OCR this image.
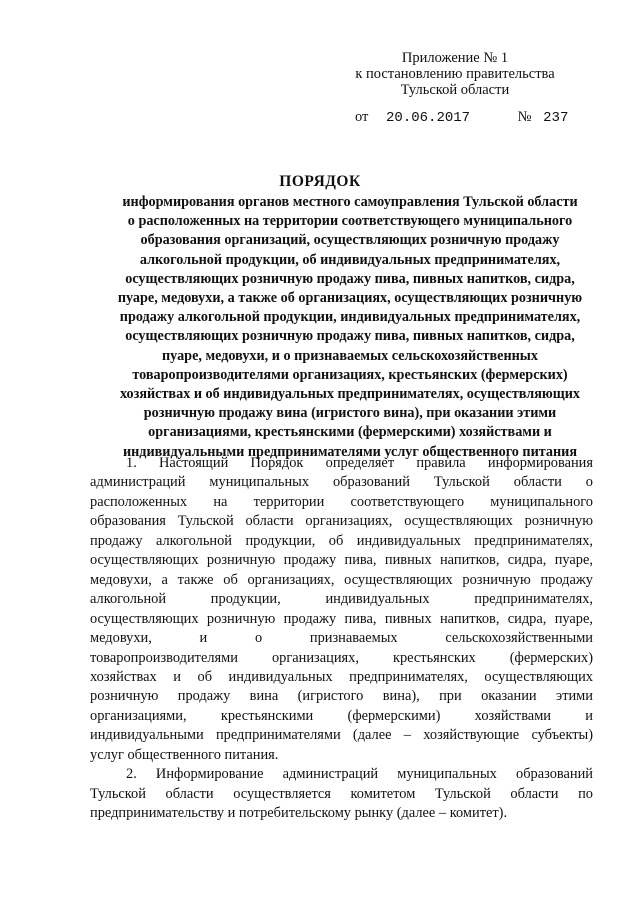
Приложение № 1
к постановлению правительства
Тульской области
от 20.06.2017	№ 237
ПОРЯДОК
информирования органов местного самоуправления Тульской области
о расположенных на территории соответствующего муниципального
образования организаций, осуществляющих розничную продажу
алкогольной продукции, об индивидуальных предпринимателях,
осуществляющих розничную продажу пива, пивных напитков, сидра,
пуаре, медовухи, а также об организациях, осуществляющих розничную
продажу алкогольной продукции, индивидуальных предпринимателях,
осуществляющих розничную продажу пива, пивных напитков, сидра,
пуаре, медовухи, и о признаваемых сельскохозяйственных
товаропроизводителями организациях, крестьянских (фермерских)
хозяйствах и об индивидуальных предпринимателях, осуществляющих
розничную продажу вина (игристого вина), при оказании этими
организациями, крестьянскими (фермерскими) хозяйствами и
индивидуальными предпринимателями услуг общественного питания
1. Настоящий Порядок определяет правила информирования
администраций муниципальных образований Тульской области о
расположенных на территории соответствующего муниципального
образования Тульской области организациях, осуществляющих розничную
продажу алкогольной продукции, об индивидуальных предпринимателях,
осуществляющих розничную продажу пива, пивных напитков, сидра, пуаре,
медовухи, а также об организациях, осуществляющих розничную продажу
алкогольной продукции, индивидуальных предпринимателях,
осуществляющих розничную продажу пива, пивных напитков, сидра, пуаре,
медовухи, и о признаваемых сельскохозяйственными
товаропроизводителями организациях, крестьянских (фермерских)
хозяйствах и об индивидуальных предпринимателях, осуществляющих
розничную продажу вина (игристого вина), при оказании этими
организациями, крестьянскими (фермерскими) хозяйствами и
индивидуальными предпринимателями (далее – хозяйствующие субъекты)
услуг общественного питания.
2. Информирование администраций муниципальных образований
Тульской области осуществляется комитетом Тульской области по
предпринимательству и потребительскому рынку (далее – комитет).
